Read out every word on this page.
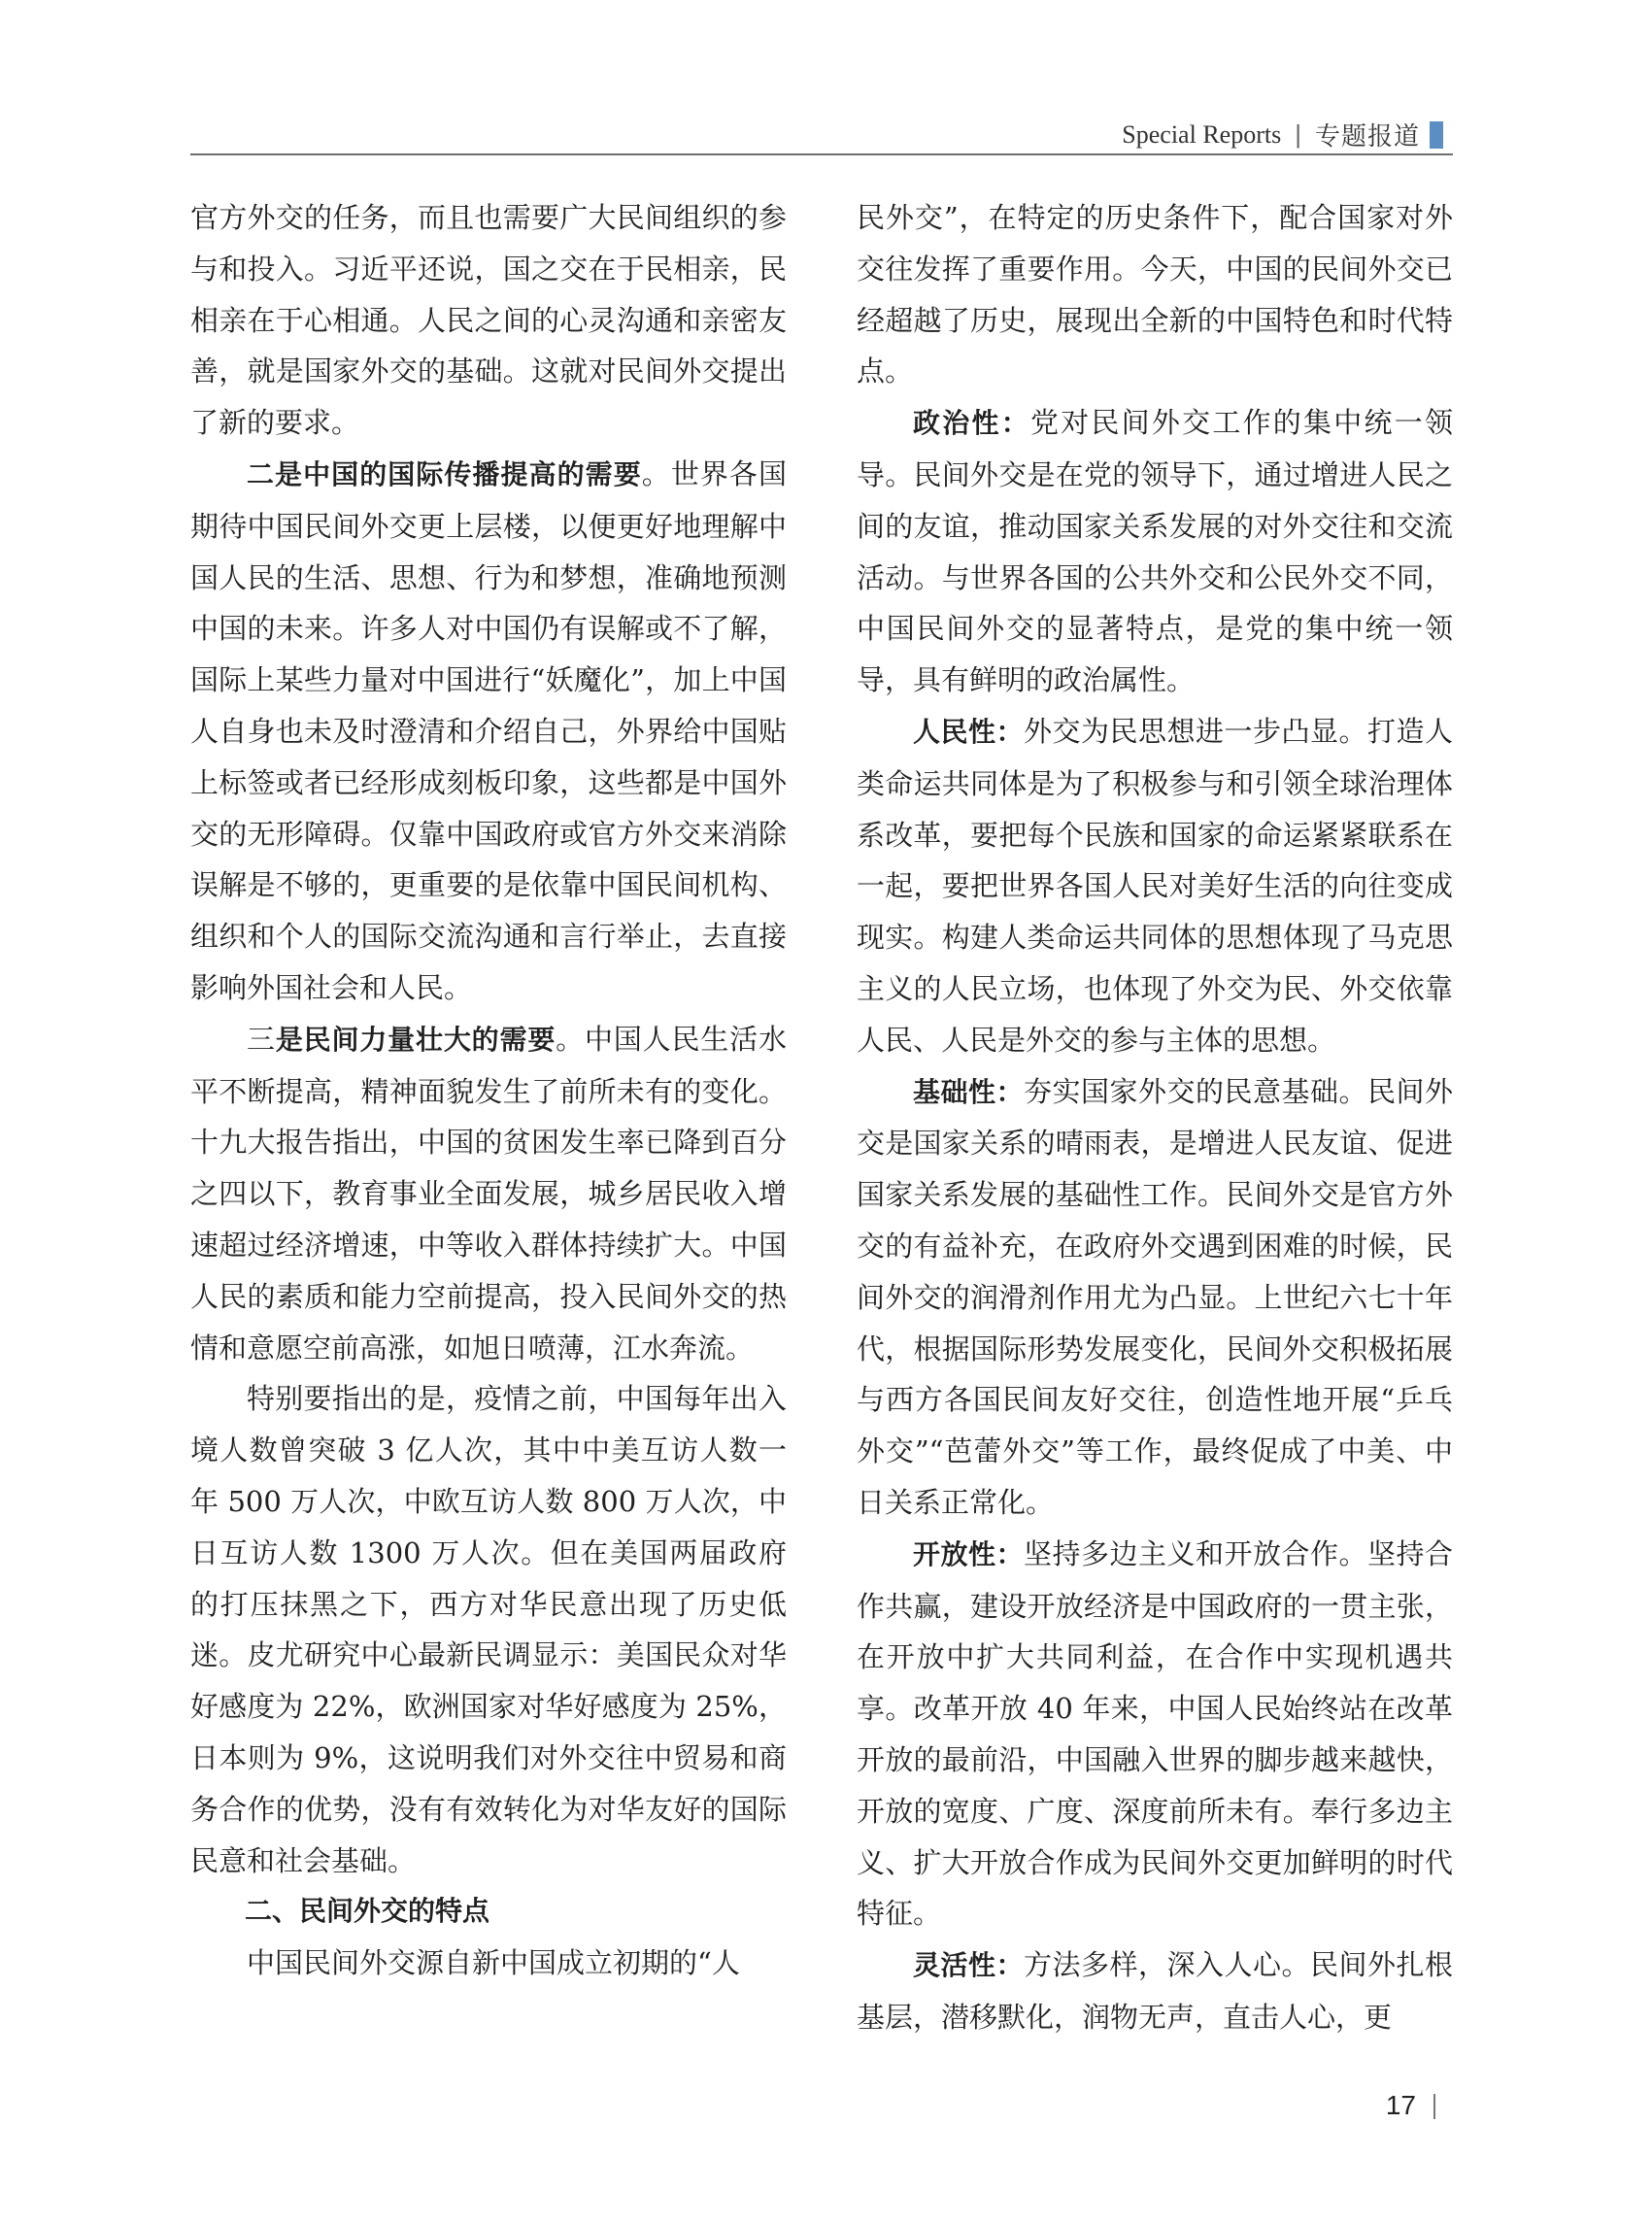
Special Reports | 专题报道

官方外交的任务，而且也需要广大民间组织的参与和投入。习近平还说，国之交在于民相亲，民相亲在于心相通。人民之间的心灵沟通和亲密友善，就是国家外交的基础。这就对民间外交提出了新的要求。

二是中国的国际传播提高的需要。世界各国期待中国民间外交更上层楼，以便更好地理解中国人民的生活、思想、行为和梦想，准确地预测中国的未来。许多人对中国仍有误解或不了解，国际上某些力量对中国进行“妖魔化”，加上中国人自身也未及时澄清和介绍自己，外界给中国贴上标签或者已经形成刻板印象，这些都是中国外交的无形障碍。仅靠中国政府或官方外交来消除误解是不够的，更重要的是依靠中国民间机构、组织和个人的国际交流沟通和言行举止，去直接影响外国社会和人民。

三是民间力量壮大的需要。中国人民生活水平不断提高，精神面貌发生了前所未有的变化。十九大报告指出，中国的贫困发生率已降到百分之四以下，教育事业全面发展，城乡居民收入增速超过经济增速，中等收入群体持续扩大。中国人民的素质和能力空前提高，投入民间外交的热情和意愿空前高涨，如旭日喷薄，江水奔流。

特别要指出的是，疫情之前，中国每年出入境人数曾突破 3 亿人次，其中中美互访人数一年 500 万人次，中欧互访人数 800 万人次，中日互访人数 1300 万人次。但在美国两届政府的打压抹黑之下，西方对华民意出现了历史低迷。皮尤研究中心最新民调显示：美国民众对华好感度为 22%，欧洲国家对华好感度为 25%，日本则为 9%，这说明我们对外交往中贸易和商务合作的优势，没有有效转化为对华友好的国际民意和社会基础。

二、民间外交的特点

中国民间外交源自新中国成立初期的“人

民外交”，在特定的历史条件下，配合国家对外交往发挥了重要作用。今天，中国的民间外交已经超越了历史，展现出全新的中国特色和时代特点。

政治性：党对民间外交工作的集中统一领导。民间外交是在党的领导下，通过增进人民之间的友谊，推动国家关系发展的对外交往和交流活动。与世界各国的公共外交和公民外交不同，中国民间外交的显著特点，是党的集中统一领导，具有鲜明的政治属性。

人民性：外交为民思想进一步凸显。打造人类命运共同体是为了积极参与和引领全球治理体系改革，要把每个民族和国家的命运紧紧联系在一起，要把世界各国人民对美好生活的向往变成现实。构建人类命运共同体的思想体现了马克思主义的人民立场，也体现了外交为民、外交依靠人民、人民是外交的参与主体的思想。

基础性：夯实国家外交的民意基础。民间外交是国家关系的晴雨表，是增进人民友谊、促进国家关系发展的基础性工作。民间外交是官方外交的有益补充，在政府外交遇到困难的时候，民间外交的润滑剂作用尤为凸显。上世纪六七十年代，根据国际形势发展变化，民间外交积极拓展与西方各国民间友好交往，创造性地开展“乒乓外交”“芭蕾外交”等工作，最终促成了中美、中日关系正常化。

开放性：坚持多边主义和开放合作。坚持合作共赢，建设开放经济是中国政府的一贯主张，在开放中扩大共同利益，在合作中实现机遇共享。改革开放 40 年来，中国人民始终站在改革开放的最前沿，中国融入世界的脚步越来越快，开放的宽度、广度、深度前所未有。奉行多边主义、扩大开放合作成为民间外交更加鲜明的时代特征。

灵活性：方法多样，深入人心。民间外扎根基层，潜移默化，润物无声，直击人心，更

17
